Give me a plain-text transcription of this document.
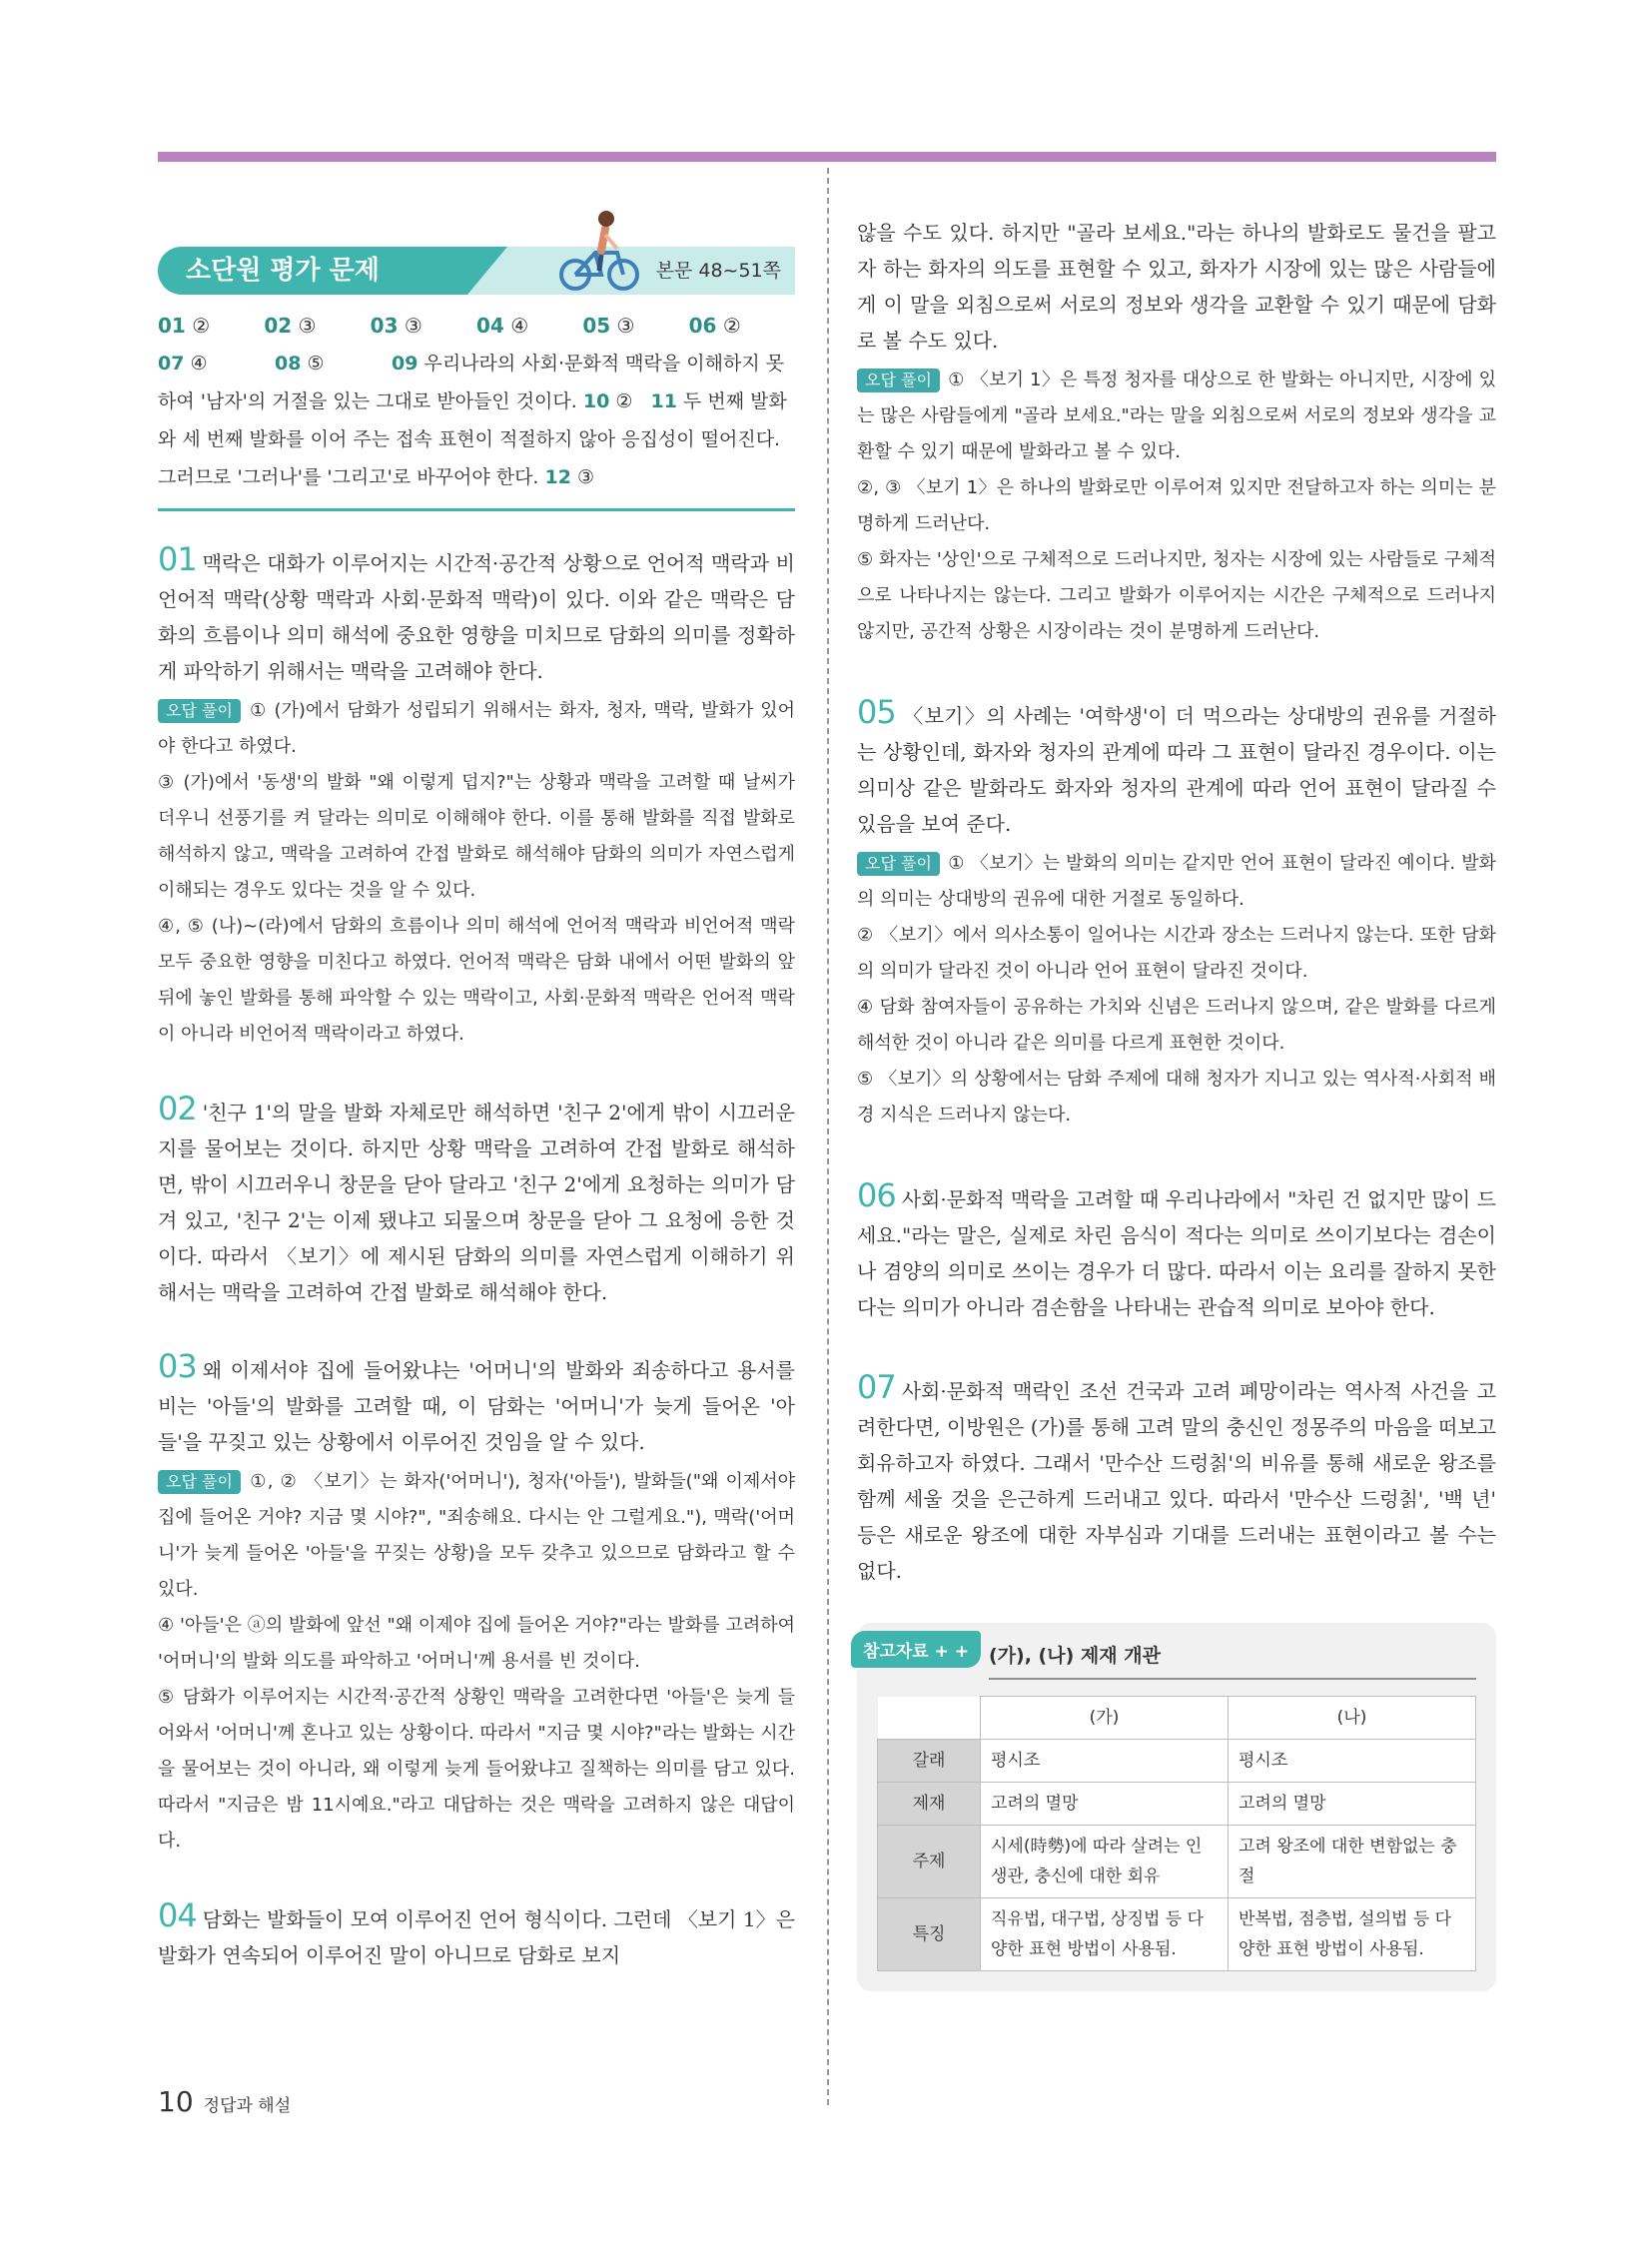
소단원 평가 문제	본문 48~51쪽
01 ②	02 ③	03 ③	04 ④	05 ③	06 ②
07 ④	08 ⑤	09 우리나라의 사회·문화적 맥락을 이해하지 못하여 '남자'의 거절을 있는 그대로 받아들인 것이다. 10 ② 11 두 번째 발화와 세 번째 발화를 이어 주는 접속 표현이 적절하지 않아 응집성이 떨어진다. 그러므로 '그러나'를 '그리고'로 바꾸어야 한다. 12 ③
01 맥락은 대화가 이루어지는 시간적·공간적 상황으로 언어적 맥락과 비언어적 맥락(상황 맥락과 사회·문화적 맥락)이 있다. 이와 같은 맥락은 담화의 흐름이나 의미 해석에 중요한 영향을 미치므로 담화의 의미를 정확하게 파악하기 위해서는 맥락을 고려해야 한다.
오답 풀이 ① (가)에서 담화가 성립되기 위해서는 화자, 청자, 맥락, 발화가 있어야 한다고 하였다.
③ (가)에서 '동생'의 발화 "왜 이렇게 덥지?"는 상황과 맥락을 고려할 때 날씨가 더우니 선풍기를 켜 달라는 의미로 이해해야 한다. 이를 통해 발화를 직접 발화로 해석하지 않고, 맥락을 고려하여 간접 발화로 해석해야 담화의 의미가 자연스럽게 이해되는 경우도 있다는 것을 알 수 있다.
④, ⑤ (나)~(라)에서 담화의 흐름이나 의미 해석에 언어적 맥락과 비언어적 맥락 모두 중요한 영향을 미친다고 하였다. 언어적 맥락은 담화 내에서 어떤 발화의 앞뒤에 놓인 발화를 통해 파악할 수 있는 맥락이고, 사회·문화적 맥락은 언어적 맥락이 아니라 비언어적 맥락이라고 하였다.
02 '친구 1'의 말을 발화 자체로만 해석하면 '친구 2'에게 밖이 시끄러운지를 물어보는 것이다. 하지만 상황 맥락을 고려하여 간접 발화로 해석하면, 밖이 시끄러우니 창문을 닫아 달라고 '친구 2'에게 요청하는 의미가 담겨 있고, '친구 2'는 이제 됐냐고 되물으며 창문을 닫아 그 요청에 응한 것이다. 따라서 〈보기〉에 제시된 담화의 의미를 자연스럽게 이해하기 위해서는 맥락을 고려하여 간접 발화로 해석해야 한다.
03 왜 이제서야 집에 들어왔냐는 '어머니'의 발화와 죄송하다고 용서를 비는 '아들'의 발화를 고려할 때, 이 담화는 '어머니'가 늦게 들어온 '아들'을 꾸짖고 있는 상황에서 이루어진 것임을 알 수 있다.
오답 풀이 ①, ② 〈보기〉는 화자('어머니'), 청자('아들'), 발화들("왜 이제서야 집에 들어온 거야? 지금 몇 시야?", "죄송해요. 다시는 안 그럴게요."), 맥락('어머니'가 늦게 들어온 '아들'을 꾸짖는 상황)을 모두 갖추고 있으므로 담화라고 할 수 있다.
④ '아들'은 ⓐ의 발화에 앞선 "왜 이제야 집에 들어온 거야?"라는 발화를 고려하여 '어머니'의 발화 의도를 파악하고 '어머니'께 용서를 빈 것이다.
⑤ 담화가 이루어지는 시간적·공간적 상황인 맥락을 고려한다면 '아들'은 늦게 들어와서 '어머니'께 혼나고 있는 상황이다. 따라서 "지금 몇 시야?"라는 발화는 시간을 물어보는 것이 아니라, 왜 이렇게 늦게 들어왔냐고 질책하는 의미를 담고 있다. 따라서 "지금은 밤 11시예요."라고 대답하는 것은 맥락을 고려하지 않은 대답이다.
04 담화는 발화들이 모여 이루어진 언어 형식이다. 그런데 〈보기 1〉은 발화가 연속되어 이루어진 말이 아니므로 담화로 보지
않을 수도 있다. 하지만 "골라 보세요."라는 하나의 발화로도 물건을 팔고자 하는 화자의 의도를 표현할 수 있고, 화자가 시장에 있는 많은 사람들에게 이 말을 외침으로써 서로의 정보와 생각을 교환할 수 있기 때문에 담화로 볼 수도 있다.
오답 풀이 ① 〈보기 1〉은 특정 청자를 대상으로 한 발화는 아니지만, 시장에 있는 많은 사람들에게 "골라 보세요."라는 말을 외침으로써 서로의 정보와 생각을 교환할 수 있기 때문에 발화라고 볼 수 있다.
②, ③ 〈보기 1〉은 하나의 발화로만 이루어져 있지만 전달하고자 하는 의미는 분명하게 드러난다.
⑤ 화자는 '상인'으로 구체적으로 드러나지만, 청자는 시장에 있는 사람들로 구체적으로 나타나지는 않는다. 그리고 발화가 이루어지는 시간은 구체적으로 드러나지 않지만, 공간적 상황은 시장이라는 것이 분명하게 드러난다.
05 〈보기〉의 사례는 '여학생'이 더 먹으라는 상대방의 권유를 거절하는 상황인데, 화자와 청자의 관계에 따라 그 표현이 달라진 경우이다. 이는 의미상 같은 발화라도 화자와 청자의 관계에 따라 언어 표현이 달라질 수 있음을 보여 준다.
오답 풀이 ① 〈보기〉는 발화의 의미는 같지만 언어 표현이 달라진 예이다. 발화의 의미는 상대방의 권유에 대한 거절로 동일하다.
② 〈보기〉에서 의사소통이 일어나는 시간과 장소는 드러나지 않는다. 또한 담화의 의미가 달라진 것이 아니라 언어 표현이 달라진 것이다.
④ 담화 참여자들이 공유하는 가치와 신념은 드러나지 않으며, 같은 발화를 다르게 해석한 것이 아니라 같은 의미를 다르게 표현한 것이다.
⑤ 〈보기〉의 상황에서는 담화 주제에 대해 청자가 지니고 있는 역사적·사회적 배경 지식은 드러나지 않는다.
06 사회·문화적 맥락을 고려할 때 우리나라에서 "차린 건 없지만 많이 드세요."라는 말은, 실제로 차린 음식이 적다는 의미로 쓰이기보다는 겸손이나 겸양의 의미로 쓰이는 경우가 더 많다. 따라서 이는 요리를 잘하지 못한다는 의미가 아니라 겸손함을 나타내는 관습적 의미로 보아야 한다.
07 사회·문화적 맥락인 조선 건국과 고려 폐망이라는 역사적 사건을 고려한다면, 이방원은 (가)를 통해 고려 말의 충신인 정몽주의 마음을 떠보고 회유하고자 하였다. 그래서 '만수산 드렁칡'의 비유를 통해 새로운 왕조를 함께 세울 것을 은근하게 드러내고 있다. 따라서 '만수산 드렁칡', '백 년' 등은 새로운 왕조에 대한 자부심과 기대를 드러내는 표현이라고 볼 수는 없다.
참고자료 + +	(가), (나) 제재 개관
	(가)	(나)
갈래	평시조	평시조
제재	고려의 멸망	고려의 멸망
주제	시세(時勢)에 따라 살려는 인생관, 충신에 대한 회유	고려 왕조에 대한 변함없는 충절
특징	직유법, 대구법, 상징법 등 다양한 표현 방법이 사용됨.	반복법, 점층법, 설의법 등 다양한 표현 방법이 사용됨.
10 정답과 해설
